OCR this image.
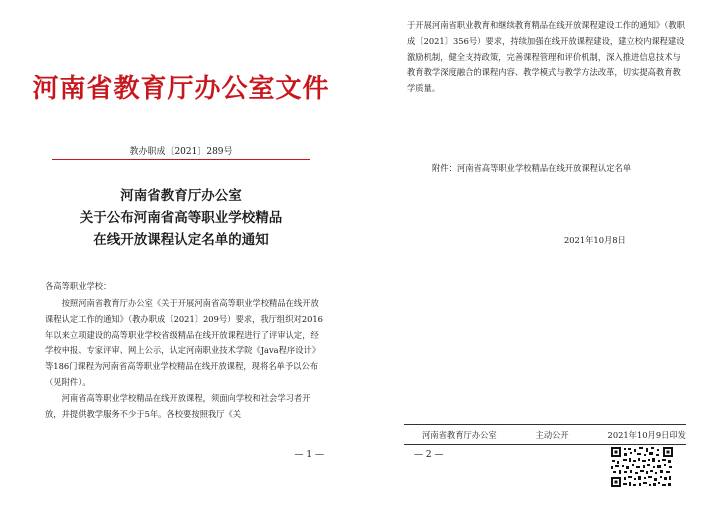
河南省教育厅办公室文件
教办职成〔2021〕289号
河南省教育厅办公室
关于公布河南省高等职业学校精品
在线开放课程认定名单的通知
各高等职业学校：

按照河南省教育厅办公室《关于开展河南省高等职业学校精品在线开放课程认定工作的通知》（教办职成〔2021〕209号）要求，我厅组织对2016年以来立项建设的高等职业学校省级精品在线开放课程进行了评审认定，经学校申报、专家评审、网上公示，认定河南职业技术学院《Java程序设计》等186门课程为河南省高等职业学校精品在线开放课程，现将名单予以公布（见附件）。

河南省高等职业学校精品在线开放课程，须面向学校和社会学习者开放，并提供教学服务不少于5年。各校要按照我厅《关

— 1 —

于开展河南省职业教育和继续教育精品在线开放课程建设工作的通知》（教职成〔2021〕356号）要求，持续加强在线开放课程建设，建立校内课程建设激励机制，健全支持政策，完善课程管理和评价机制，深入推进信息技术与教育教学深度融合的课程内容、教学模式与教学方法改革，切实提高教育教学质量。

附件：河南省高等职业学校精品在线开放课程认定名单
2021年10月8日
河南省教育厅办公室	主动公开	2021年10月9日印发
— 2 —
